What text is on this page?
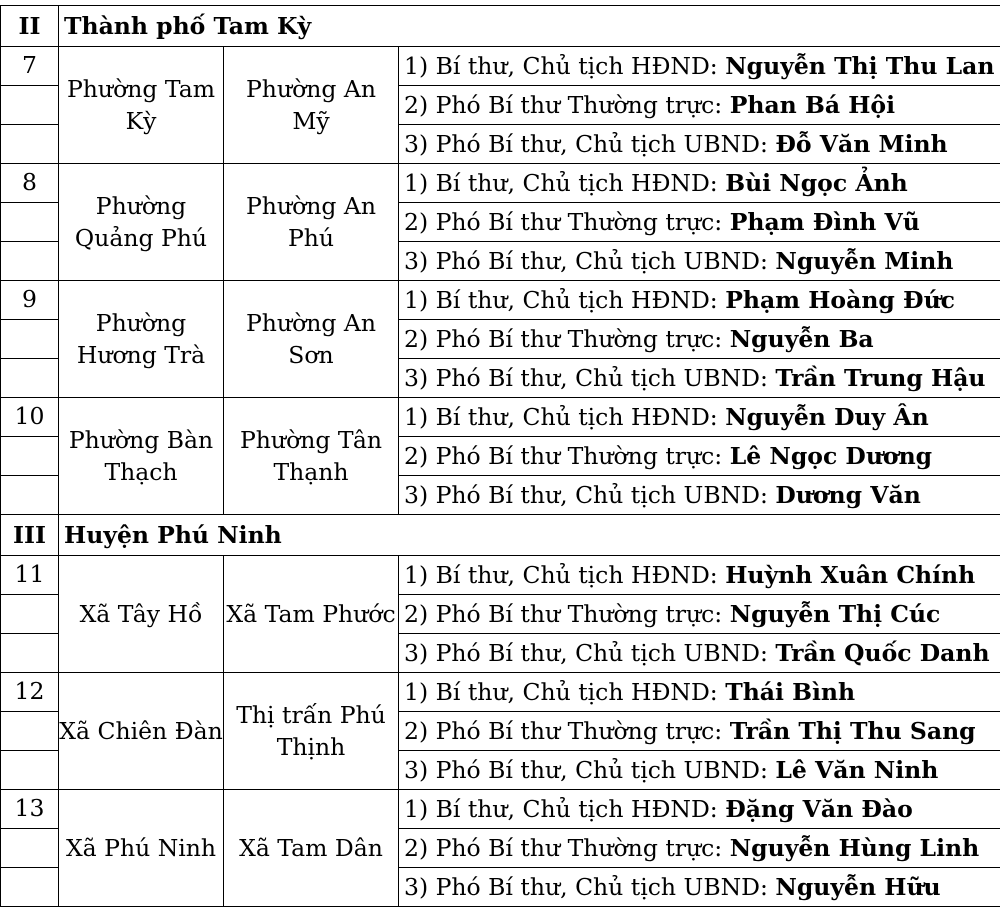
II	Thành phố Tam Kỳ		
7	Phường Tam Kỳ	Phường An Mỹ	1) Bí thư, Chủ tịch HĐND: Nguyễn Thị Thu Lan
			2) Phó Bí thư Thường trực: Phan Bá Hội
			3) Phó Bí thư, Chủ tịch UBND: Đỗ Văn Minh
8	Phường Quảng Phú	Phường An Phú	1) Bí thư, Chủ tịch HĐND: Bùi Ngọc Ảnh
			2) Phó Bí thư Thường trực: Phạm Đình Vũ
			3) Phó Bí thư, Chủ tịch UBND: Nguyễn Minh
9	Phường Hương Trà	Phường An Sơn	1) Bí thư, Chủ tịch HĐND: Phạm Hoàng Đức
			2) Phó Bí thư Thường trực: Nguyễn Ba
			3) Phó Bí thư, Chủ tịch UBND: Trần Trung Hậu
10	Phường Bàn Thạch	Phường Tân Thạnh	1) Bí thư, Chủ tịch HĐND: Nguyễn Duy Ân
			2) Phó Bí thư Thường trực: Lê Ngọc Dương
			3) Phó Bí thư, Chủ tịch UBND: Dương Văn
III	Huyện Phú Ninh		
11	Xã Tây Hồ	Xã Tam Phước	1) Bí thư, Chủ tịch HĐND: Huỳnh Xuân Chính
			2) Phó Bí thư Thường trực: Nguyễn Thị Cúc
			3) Phó Bí thư, Chủ tịch UBND: Trần Quốc Danh
12	Xã Chiên Đàn	Thị trấn Phú Thịnh	1) Bí thư, Chủ tịch HĐND: Thái Bình
			2) Phó Bí thư Thường trực: Trần Thị Thu Sang
			3) Phó Bí thư, Chủ tịch UBND: Lê Văn Ninh
13	Xã Phú Ninh	Xã Tam Dân	1) Bí thư, Chủ tịch HĐND: Đặng Văn Đào
			2) Phó Bí thư Thường trực: Nguyễn Hùng Linh
			3) Phó Bí thư, Chủ tịch UBND: Nguyễn Hữu
